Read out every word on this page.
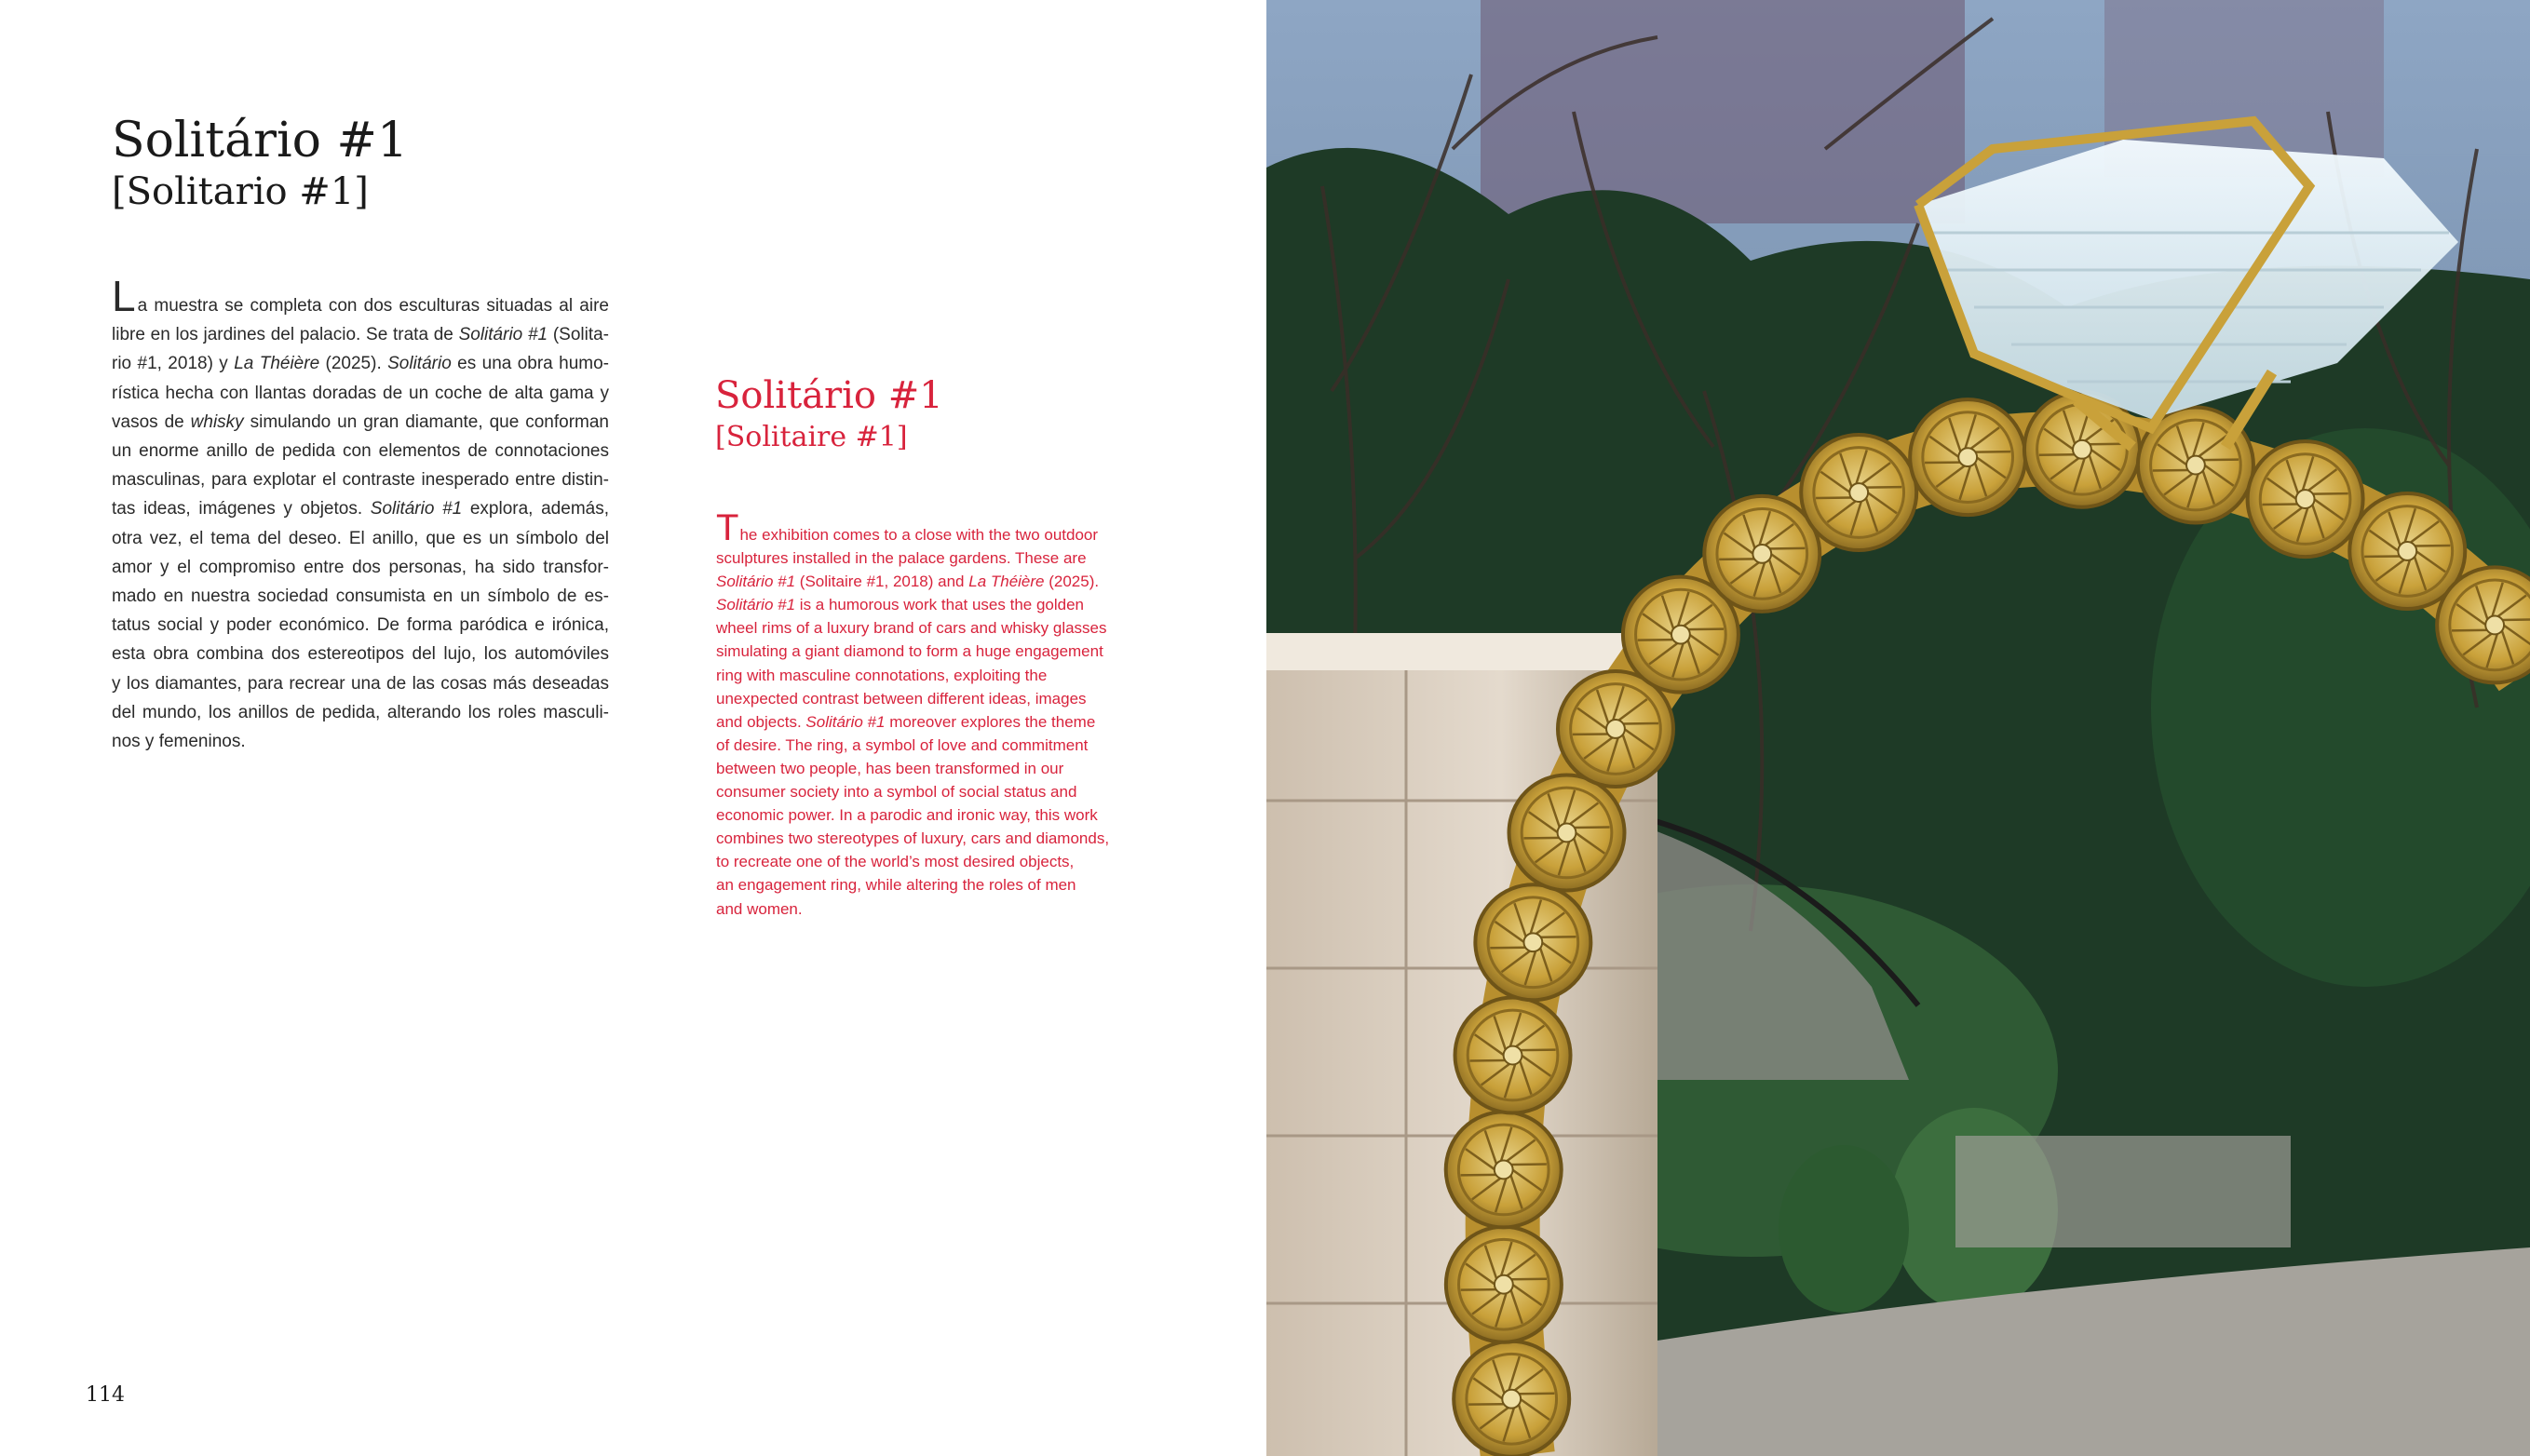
Solitário #1
[Solitario #1]
La muestra se completa con dos esculturas situadas al aire
libre en los jardines del palacio. Se trata de Solitário #1 (Solita-
rio #1, 2018) y La Théière (2025). Solitário es una obra humo-
rística hecha con llantas doradas de un coche de alta gama y
vasos de whisky simulando un gran diamante, que conforman
un enorme anillo de pedida con elementos de connotaciones
masculinas, para explotar el contraste inesperado entre distin-
tas ideas, imágenes y objetos. Solitário #1 explora, además,
otra vez, el tema del deseo. El anillo, que es un símbolo del
amor y el compromiso entre dos personas, ha sido transfor-
mado en nuestra sociedad consumista en un símbolo de es-
tatus social y poder económico. De forma paródica e irónica,
esta obra combina dos estereotipos del lujo, los automóviles
y los diamantes, para recrear una de las cosas más deseadas
del mundo, los anillos de pedida, alterando los roles masculi-
nos y femeninos.
Solitário #1
[Solitaire #1]
The exhibition comes to a close with the two outdoor
sculptures installed in the palace gardens. These are
Solitário #1 (Solitaire #1, 2018) and La Théière (2025).
Solitário #1 is a humorous work that uses the golden
wheel rims of a luxury brand of cars and whisky glasses
simulating a giant diamond to form a huge engagement
ring with masculine connotations, exploiting the
unexpected contrast between different ideas, images
and objects. Solitário #1 moreover explores the theme
of desire. The ring, a symbol of love and commitment
between two people, has been transformed in our
consumer society into a symbol of social status and
economic power. In a parodic and ironic way, this work
combines two stereotypes of luxury, cars and diamonds,
to recreate one of the world’s most desired objects,
an engagement ring, while altering the roles of men
and women.
114
